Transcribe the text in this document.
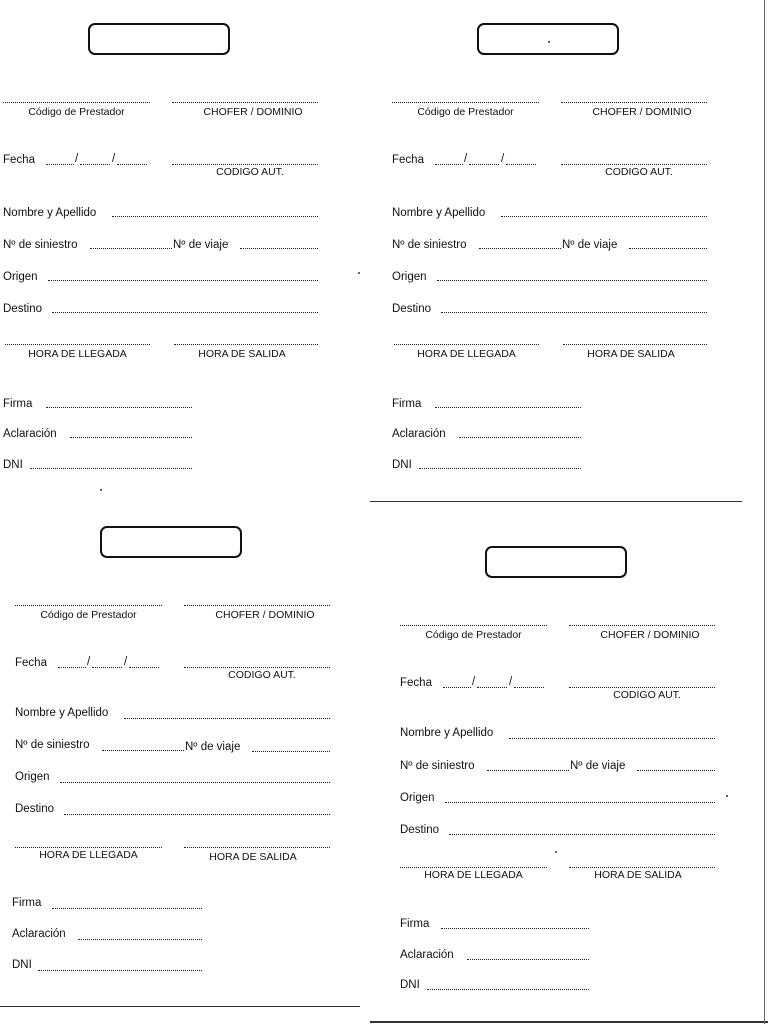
Código de Prestador	CHOFER / DOMINIO
Fecha	/	/
CODIGO AUT.
Nombre y Apellido
Nº de siniestro	Nº de viaje
Origen
Destino
HORA DE LLEGADA	HORA DE SALIDA
Firma
Aclaración
DNI
Código de Prestador	CHOFER / DOMINIO
Fecha	/	/
CODIGO AUT.
Nombre y Apellido
Nº de siniestro	Nº de viaje
Origen
Destino
HORA DE LLEGADA	HORA DE SALIDA
Firma
Aclaración
DNI
Código de Prestador	CHOFER / DOMINIO
Fecha	/	/
CODIGO AUT.
Nombre y Apellido
Nº de siniestro	Nº de viaje
Origen
Destino
HORA DE LLEGADA	HORA DE SALIDA
Firma
Aclaración
DNI
Código de Prestador	CHOFER / DOMINIO
Fecha	/	/
CODIGO AUT.
Nombre y Apellido
Nº de siniestro	Nº de viaje
Origen
Destino
HORA DE LLEGADA	HORA DE SALIDA
Firma
Aclaración
DNI
